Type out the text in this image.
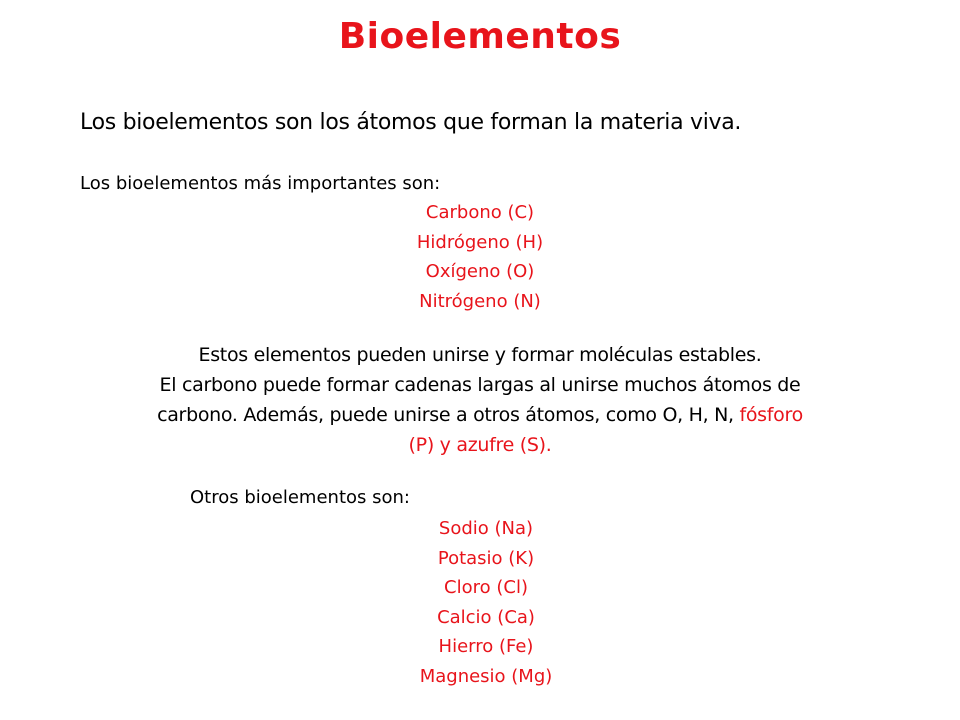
Bioelementos
Los bioelementos son los átomos que forman la materia viva.
Los bioelementos más importantes son:
Carbono (C)
Hidrógeno (H)
Oxígeno (O)
Nitrógeno (N)
Estos elementos pueden unirse y formar moléculas estables.
El carbono puede formar cadenas largas al unirse muchos átomos de
carbono. Además, puede unirse a otros átomos, como O, H, N, fósforo
(P) y azufre (S).
Otros bioelementos son:
Sodio (Na)
Potasio (K)
Cloro (Cl)
Calcio (Ca)
Hierro (Fe)
Magnesio (Mg)
